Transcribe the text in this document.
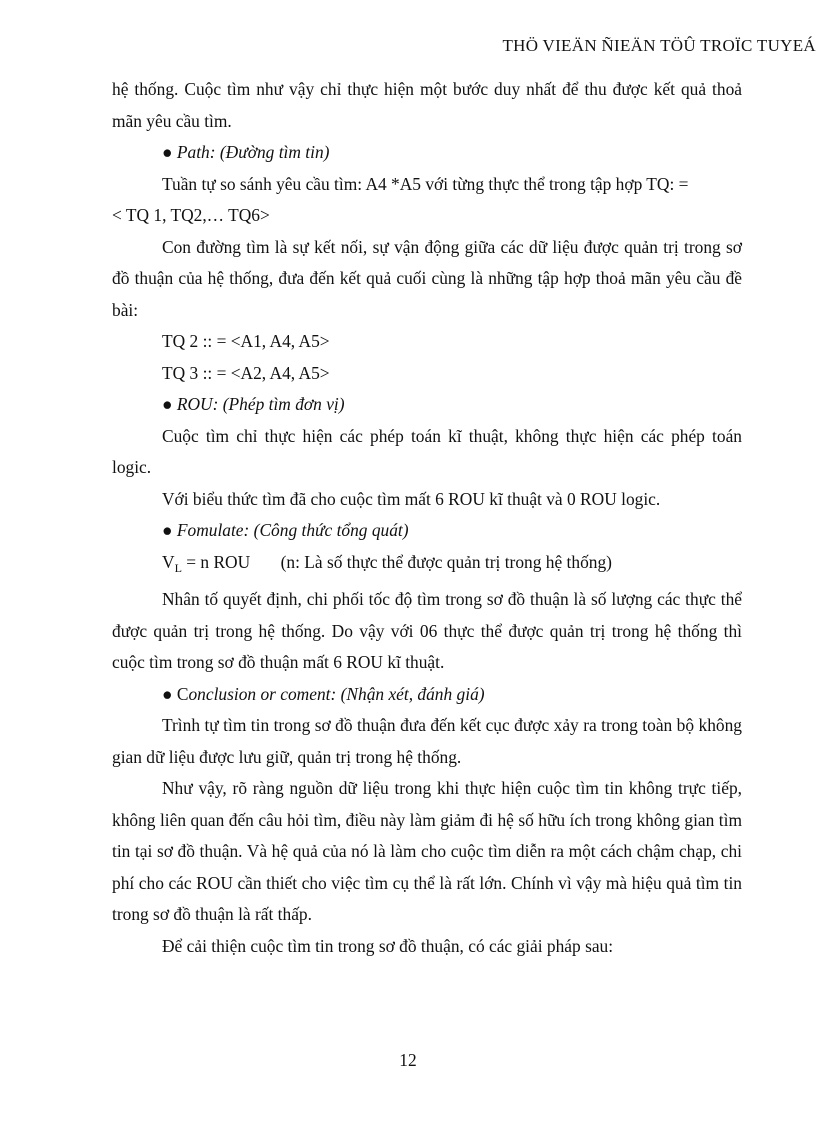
THÖ VIEÄN ÑIEÄN TÖÛ TROÏC TUYEÁ

hệ thống. Cuộc tìm như vậy chỉ thực hiện một bước duy nhất để thu được kết quả thoả mãn yêu cầu tìm.

● Path: (Đường tìm tin)

Tuần tự so sánh yêu cầu tìm: A4 *A5 với từng thực thể trong tập hợp TQ: =

< TQ 1, TQ2,… TQ6>

Con đường tìm là sự kết nối, sự vận động giữa các dữ liệu được quản trị trong sơ đồ thuận của hệ thống, đưa đến kết quả cuối cùng là những tập hợp thoả mãn yêu cầu đề bài:

TQ 2 :: = <A1, A4, A5>

TQ 3 :: = <A2, A4, A5>

● ROU: (Phép tìm đơn vị)

Cuộc tìm chỉ thực hiện các phép toán kĩ thuật, không thực hiện các phép toán logic.

Với biểu thức tìm đã cho cuộc tìm mất 6 ROU kĩ thuật và 0 ROU logic.

● Fomulate: (Công thức tổng quát)

$V_L = n$ ROU (n: Là số thực thể được quản trị trong hệ thống)

Nhân tố quyết định, chi phối tốc độ tìm trong sơ đồ thuận là số lượng các thực thể được quản trị trong hệ thống. Do vậy với 06 thực thể được quản trị trong hệ thống thì cuộc tìm trong sơ đồ thuận mất 6 ROU kĩ thuật.

● Conclusion or coment: (Nhận xét, đánh giá)

Trình tự tìm tin trong sơ đồ thuận đưa đến kết cục được xảy ra trong toàn bộ không gian dữ liệu được lưu giữ, quản trị trong hệ thống.

Như vậy, rõ ràng nguồn dữ liệu trong khi thực hiện cuộc tìm tin không trực tiếp, không liên quan đến câu hỏi tìm, điều này làm giảm đi hệ số hữu ích trong không gian tìm tin tại sơ đồ thuận. Và hệ quả của nó là làm cho cuộc tìm diễn ra một cách chậm chạp, chi phí cho các ROU cần thiết cho việc tìm cụ thể là rất lớn. Chính vì vậy mà hiệu quả tìm tin trong sơ đồ thuận là rất thấp.

Để cải thiện cuộc tìm tin trong sơ đồ thuận, có các giải pháp sau:

12
